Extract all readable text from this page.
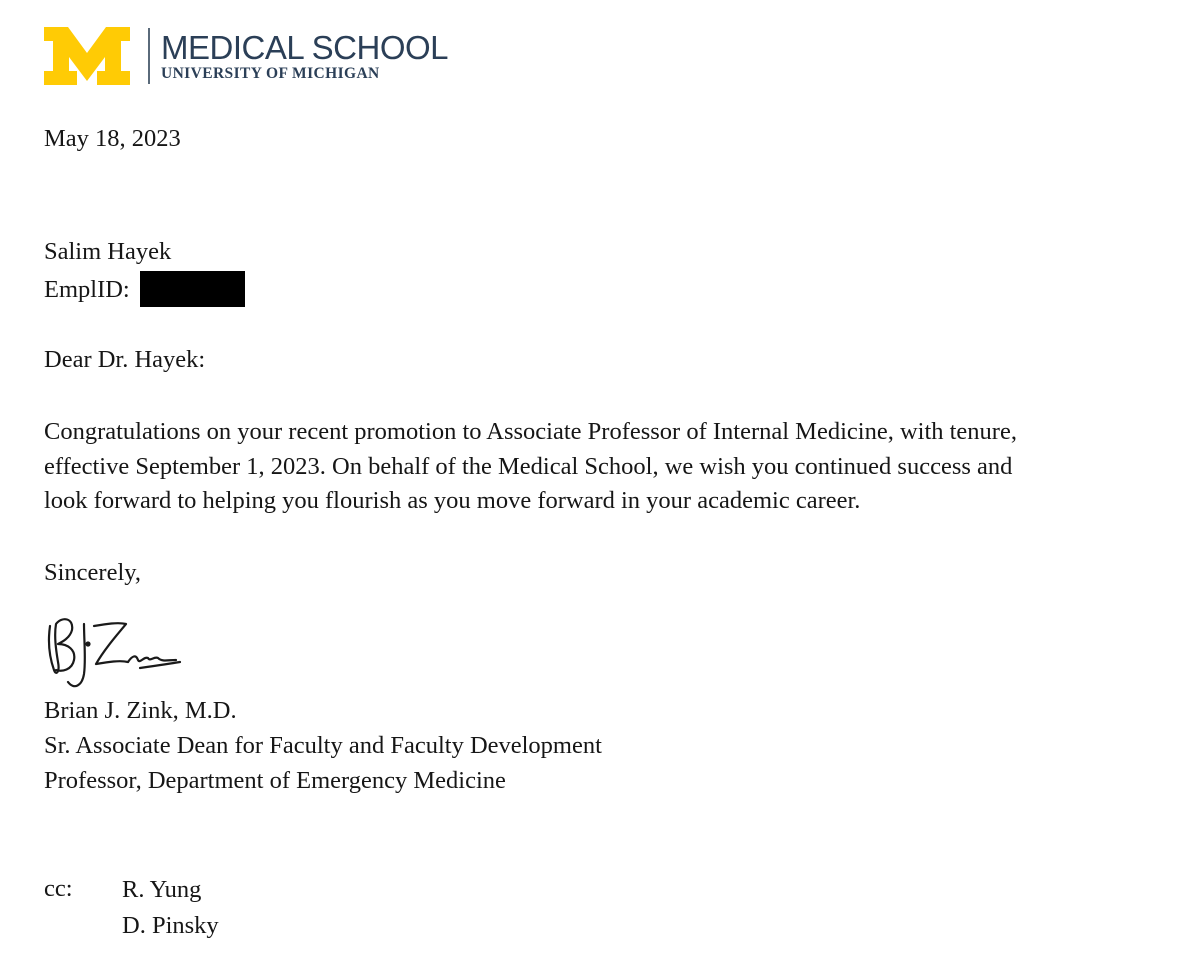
MEDICAL SCHOOL
UNIVERSITY OF MICHIGAN
May 18, 2023
Salim Hayek
EmplID:
Dear Dr. Hayek:
Congratulations on your recent promotion to Associate Professor of Internal Medicine, with tenure,
effective September 1, 2023. On behalf of the Medical School, we wish you continued success and
look forward to helping you flourish as you move forward in your academic career.
Sincerely,
Brian J. Zink, M.D.
Sr. Associate Dean for Faculty and Faculty Development
Professor, Department of Emergency Medicine
cc: R. Yung
D. Pinsky
